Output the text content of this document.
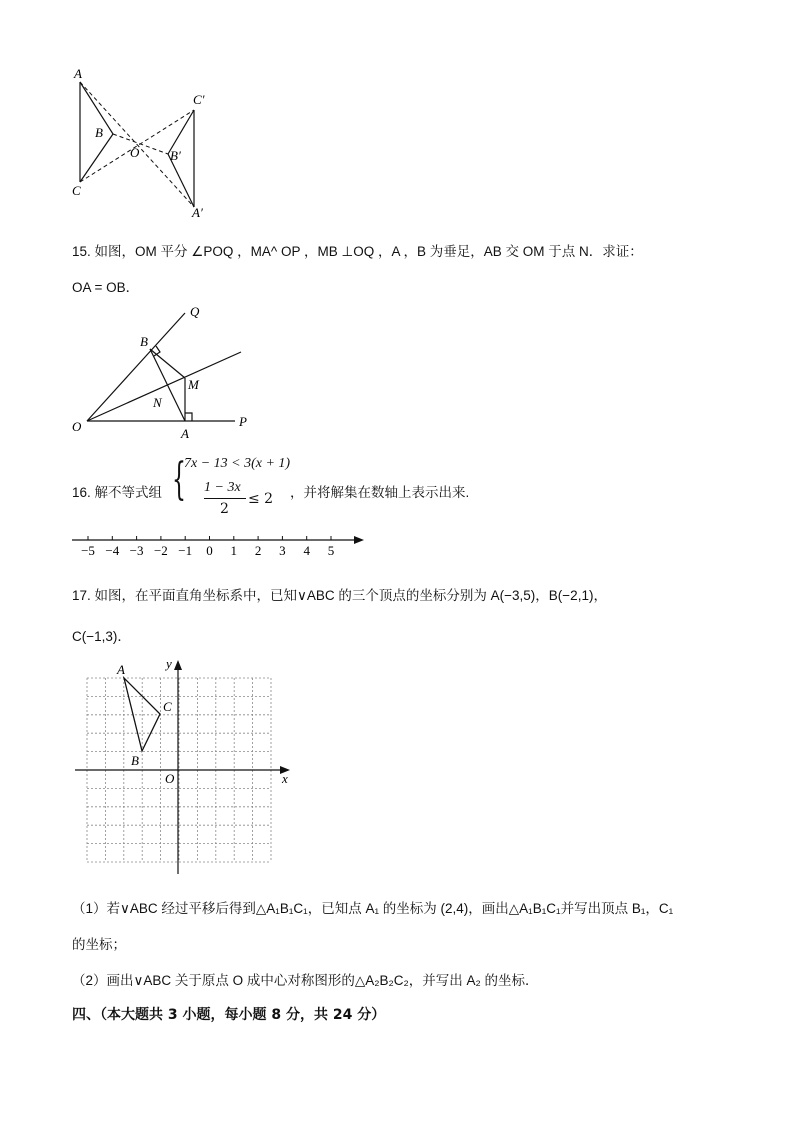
A
B
C
O
C′
B′
A′
15. 如图，OM 平分 ∠POQ ，MA^ OP ，MB ⊥OQ ，A ，B 为垂足，AB 交 OM 于点 N．求证：
OA = OB．
Q
B
M
N
O	A
P
16. 解不等式组 {
7x − 13 < 3(x + 1)
1 − 3x
2
≤ 2 ，并将解集在数轴上表示出来.
−5 −4 −3 −2 −1 0 1 2 3 4 5
17. 如图，在平面直角坐标系中，已知∨ABC 的三个顶点的坐标分别为 A(−3,5)，B(−2,1)，
C(−1,3)．
A
B
C
O	x
y
（1）若∨ABC 经过平移后得到△A₁B₁C₁，已知点 A₁ 的坐标为 (2,4)，画出△A₁B₁C₁并写出顶点 B₁，C₁
的坐标；
（2）画出∨ABC 关于原点 O 成中心对称图形的△A₂B₂C₂，并写出 A₂ 的坐标．
四、（本大题共 3 小题，每小题 8 分，共 24 分）
